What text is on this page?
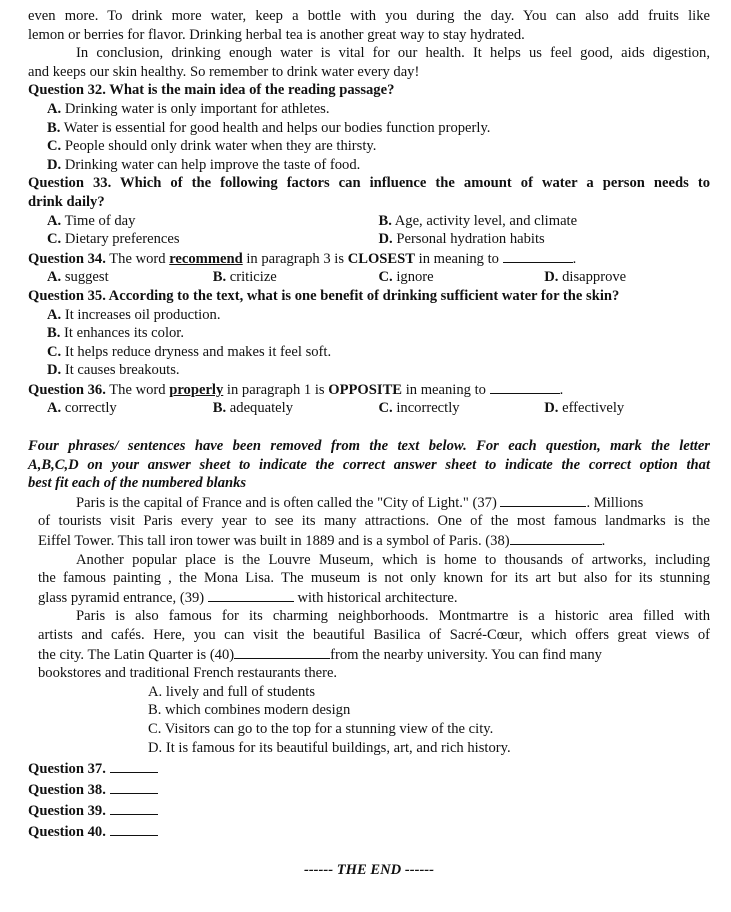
even more. To drink more water, keep a bottle with you during the day. You can also add fruits like
lemon or berries for flavor. Drinking herbal tea is another great way to stay hydrated.
In conclusion, drinking enough water is vital for our health. It helps us feel good, aids digestion,
and keeps our skin healthy. So remember to drink water every day!
Question 32. What is the main idea of the reading passage?
A. Drinking water is only important for athletes.
B. Water is essential for good health and helps our bodies function properly.
C. People should only drink water when they are thirsty.
D. Drinking water can help improve the taste of food.
Question 33. Which of the following factors can influence the amount of water a person needs to
drink daily?
A. Time of day	B. Age, activity level, and climate
C. Dietary preferences	D. Personal hydration habits
Question 34. The word recommend in paragraph 3 is CLOSEST in meaning to	.
A. suggest	B. criticize	C. ignore	D. disapprove
Question 35. According to the text, what is one benefit of drinking sufficient water for the skin?
A. It increases oil production.
B. It enhances its color.
C. It helps reduce dryness and makes it feel soft.
D. It causes breakouts.
Question 36. The word properly in paragraph 1 is OPPOSITE in meaning to	.
A. correctly	B. adequately	C. incorrectly	D. effectively
Four phrases/ sentences have been removed from the text below. For each question, mark the letter
A,B,C,D on your answer sheet to indicate the correct answer sheet to indicate the correct option that
best fit each of the numbered blanks
Paris is the capital of France and is often called the "City of Light." (37)	. Millions
of tourists visit Paris every year to see its many attractions. One of the most famous landmarks is the
Eiffel Tower. This tall iron tower was built in 1889 and is a symbol of Paris. (38)	.
Another popular place is the Louvre Museum, which is home to thousands of artworks, including
the famous painting , the Mona Lisa. The museum is not only known for its art but also for its stunning
glass pyramid entrance, (39)	with historical architecture.
Paris is also famous for its charming neighborhoods. Montmartre is a historic area filled with
artists and cafés. Here, you can visit the beautiful Basilica of Sacré-Cœur, which offers great views of
the city. The Latin Quarter is (40)	from the nearby university. You can find many
bookstores and traditional French restaurants there.
A. lively and full of students
B. which combines modern design
C. Visitors can go to the top for a stunning view of the city.
D. It is famous for its beautiful buildings, art, and rich history.
Question 37.
Question 38.
Question 39.
Question 40.
------ THE END ------
